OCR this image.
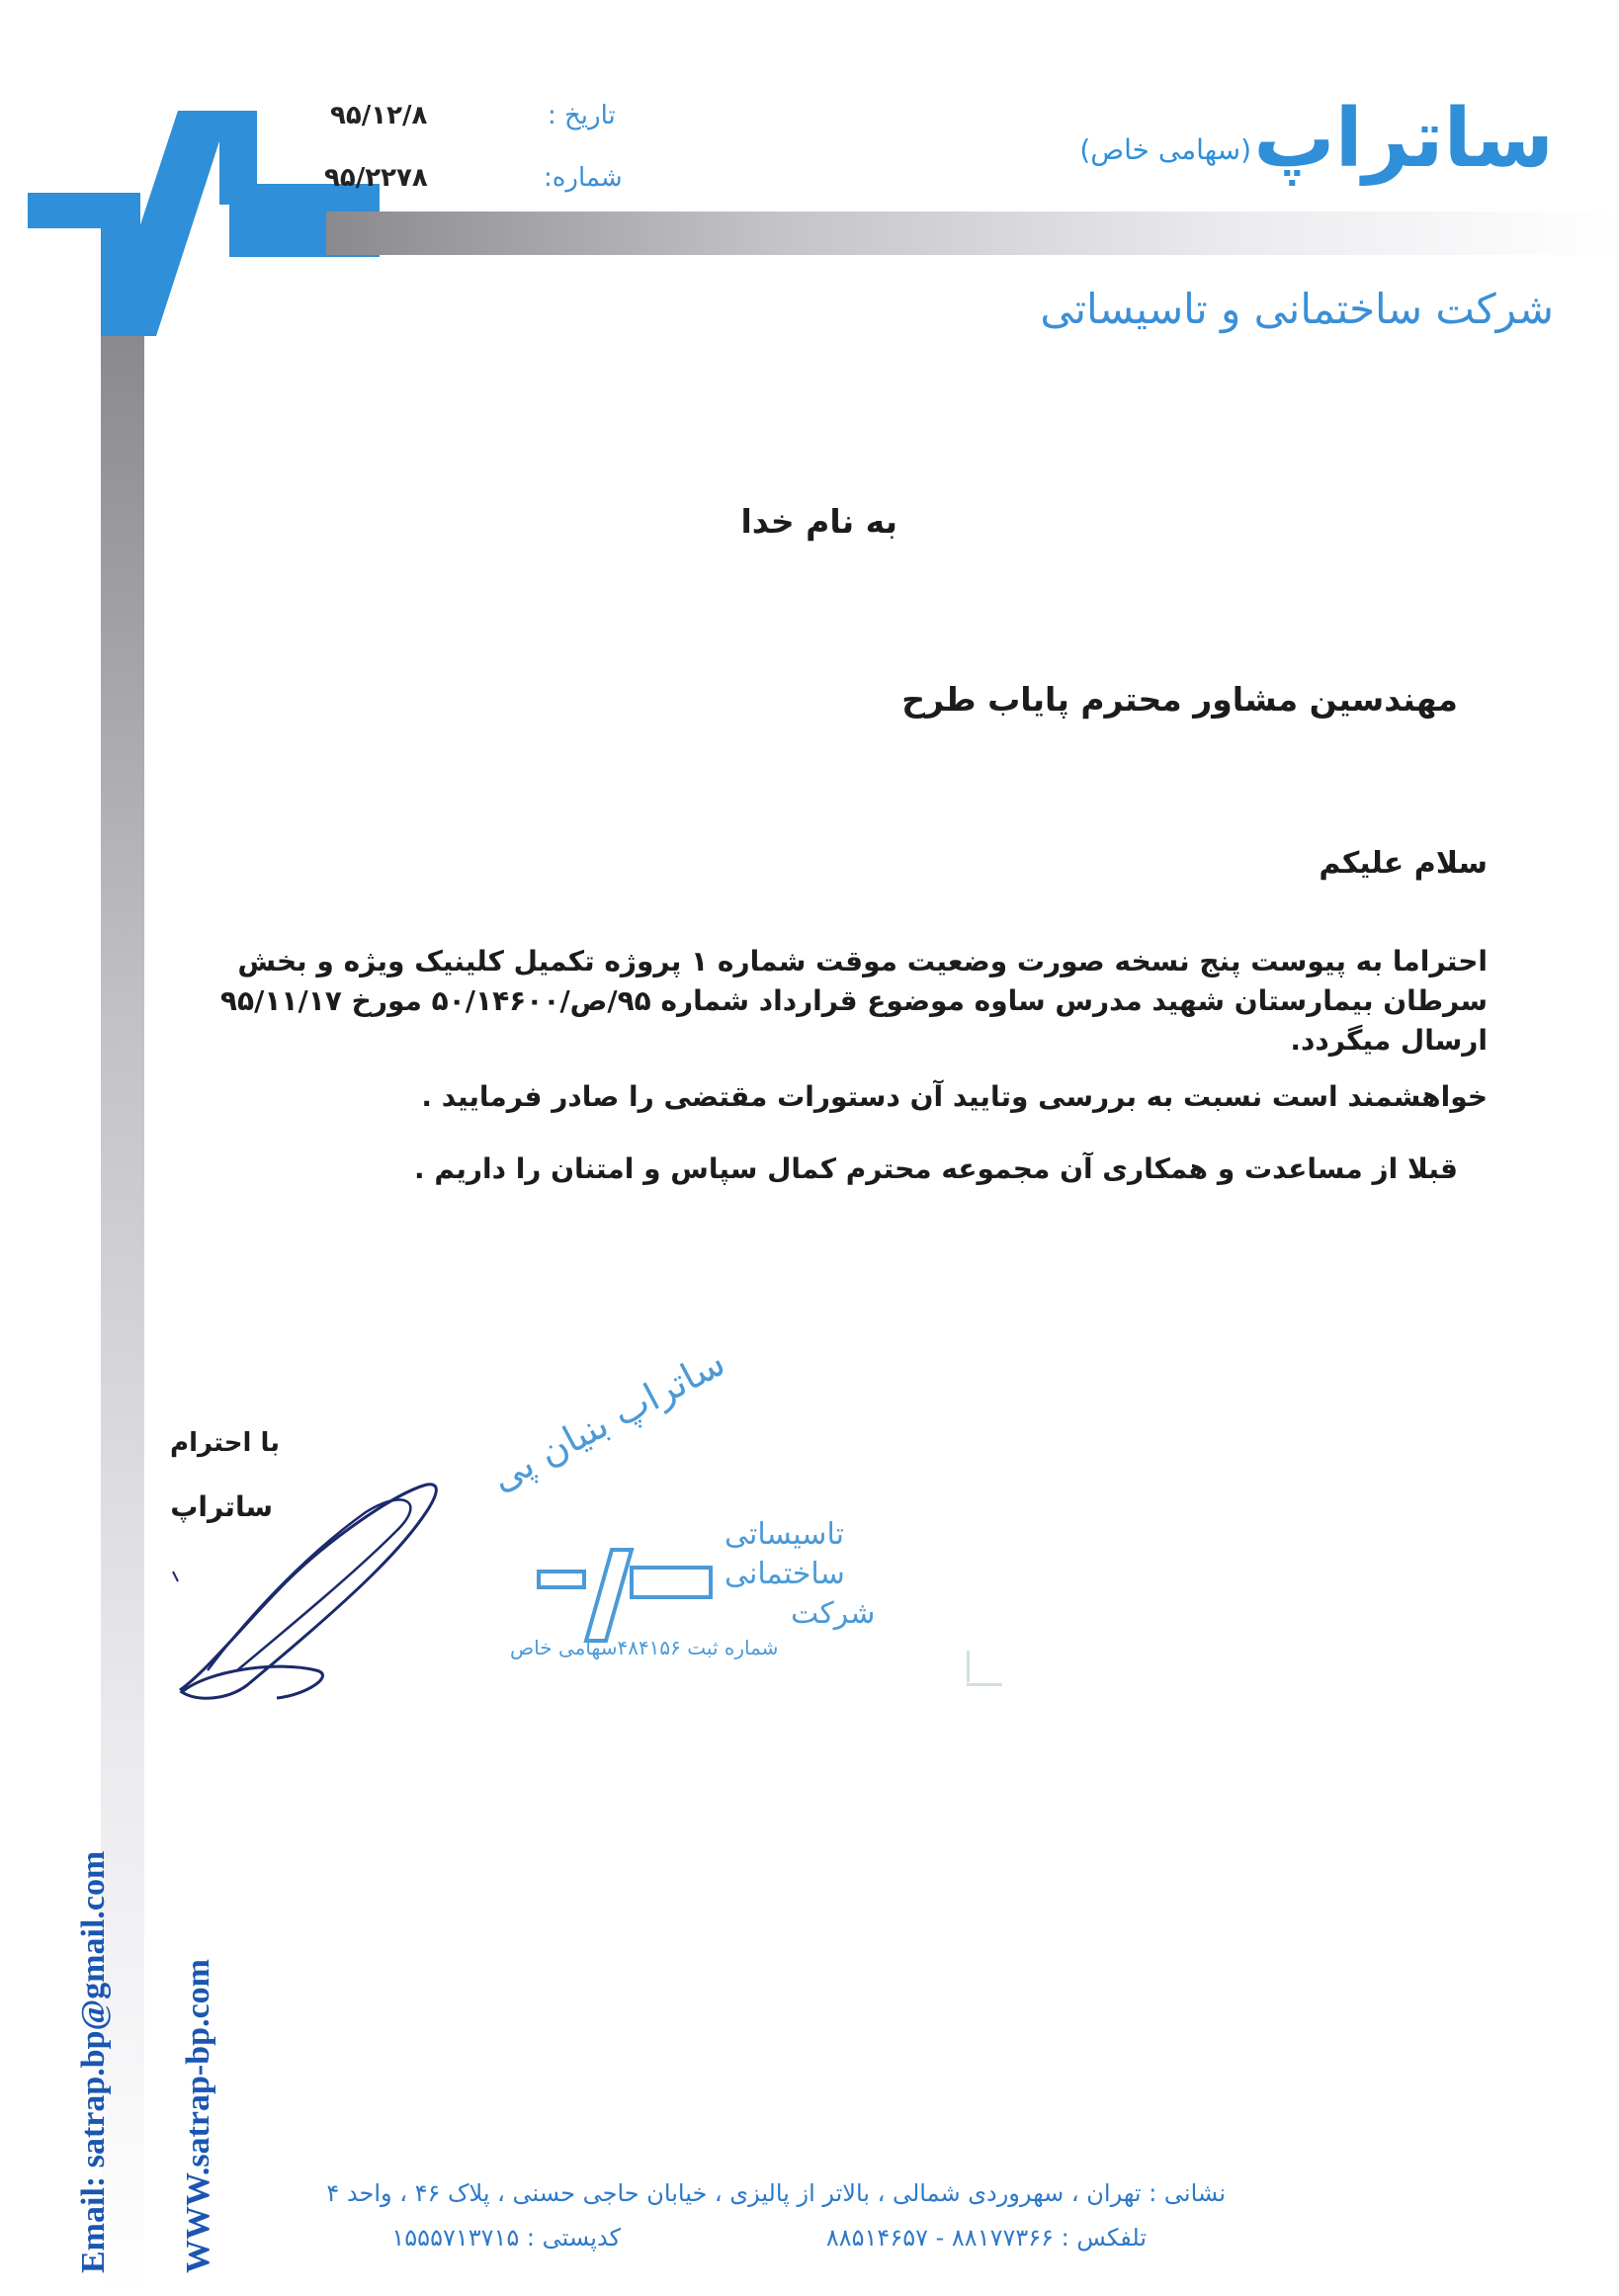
تاریخ :
۹۵/۱۲/۸
شماره:
۹۵/۲۲۷۸	ساتراپ
(سهامی خاص)
شرکت ساختمانی و تاسیساتی
به نام خدا
مهندسین مشاور محترم پایاب طرح
سلام علیکم
احتراما به پیوست پنج نسخه صورت وضعیت موقت شماره ۱ پروژه تکمیل کلینیک ویژه و بخش سرطان بیمارستان شهید مدرس ساوه موضوع قرارداد شماره ۹۵/ص/۵۰/۱۴۶۰۰ مورخ ۹۵/۱۱/۱۷ ارسال میگردد.
خواهشمند است نسبت به بررسی وتایید آن دستورات مقتضی را صادر فرمایید .
قبلا از مساعدت و همکاری آن مجموعه محترم کمال سپاس و امتنان را داریم .
با احترام
ساتراپ
ساتراپ بنیان پی
تاسیساتی
ساختمانی
شرکت
شماره ثبت ۴۸۴۱۵۶سهامی خاص
Email: satrap.bp@gmail.com WWW.satrap-bp.com	نشانی : تهران ، سهروردی شمالی ، بالاتر از پالیزی ، خیابان حاجی حسنی ، پلاک ۴۶ ، واحد ۴
تلفکس : ۸۸۱۷۷۳۶۶ - ۸۸۵۱۴۶۵۷
کدپستی : ۱۵۵۵۷۱۳۷۱۵
